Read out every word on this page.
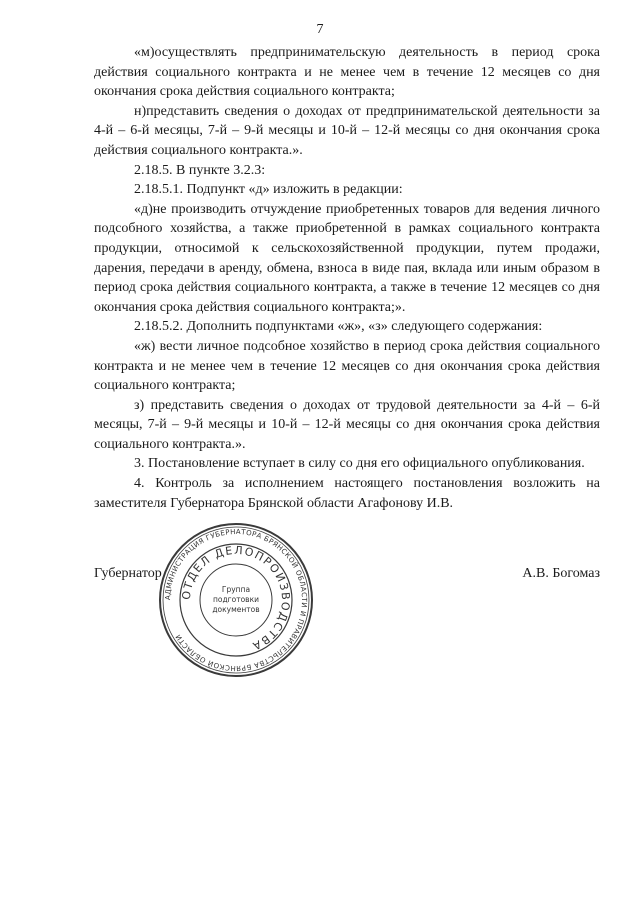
7

«м)осуществлять предпринимательскую деятельность в период срока действия социального контракта и не менее чем в течение 12 месяцев со дня окончания срока действия социального контракта;

н)представить сведения о доходах от предпринимательской деятельности за 4-й – 6-й месяцы, 7-й – 9-й месяцы и 10-й – 12-й месяцы со дня окончания срока действия социального контракта.».

2.18.5. В пункте 3.2.3:

2.18.5.1. Подпункт «д» изложить в редакции:

«д)не производить отчуждение приобретенных товаров для ведения личного подсобного хозяйства, а также приобретенной в рамках социального контракта продукции, относимой к сельскохозяйственной продукции, путем продажи, дарения, передачи в аренду, обмена, взноса в виде пая, вклада или иным образом в период срока действия социального контракта, а также в течение 12 месяцев со дня окончания срока действия социального контракта;».

2.18.5.2. Дополнить подпунктами «ж», «з» следующего содержания:

«ж) вести личное подсобное хозяйство в период срока действия социального контракта и не менее чем в течение 12 месяцев со дня окончания срока действия социального контракта;

з) представить сведения о доходах от трудовой деятельности за 4-й – 6-й месяцы, 7-й – 9-й месяцы и 10-й – 12-й месяцы со дня окончания срока действия социального контракта.».

3. Постановление вступает в силу со дня его официального опубликования.

4. Контроль за исполнением настоящего постановления возложить на заместителя Губернатора Брянской области Агафонову И.В.

Губернатор
АДМИНИСТРАЦИЯ ГУБЕРНАТОРА БРЯНСКОЙ ОБЛАСТИ И ПРАВИТЕЛЬСТВА БРЯНСКОЙ ОБЛАСТИ
ОТДЕЛ ДЕЛОПРОИЗВОДСТВА
Группа
подготовки
документов
А.В. Богомаз
